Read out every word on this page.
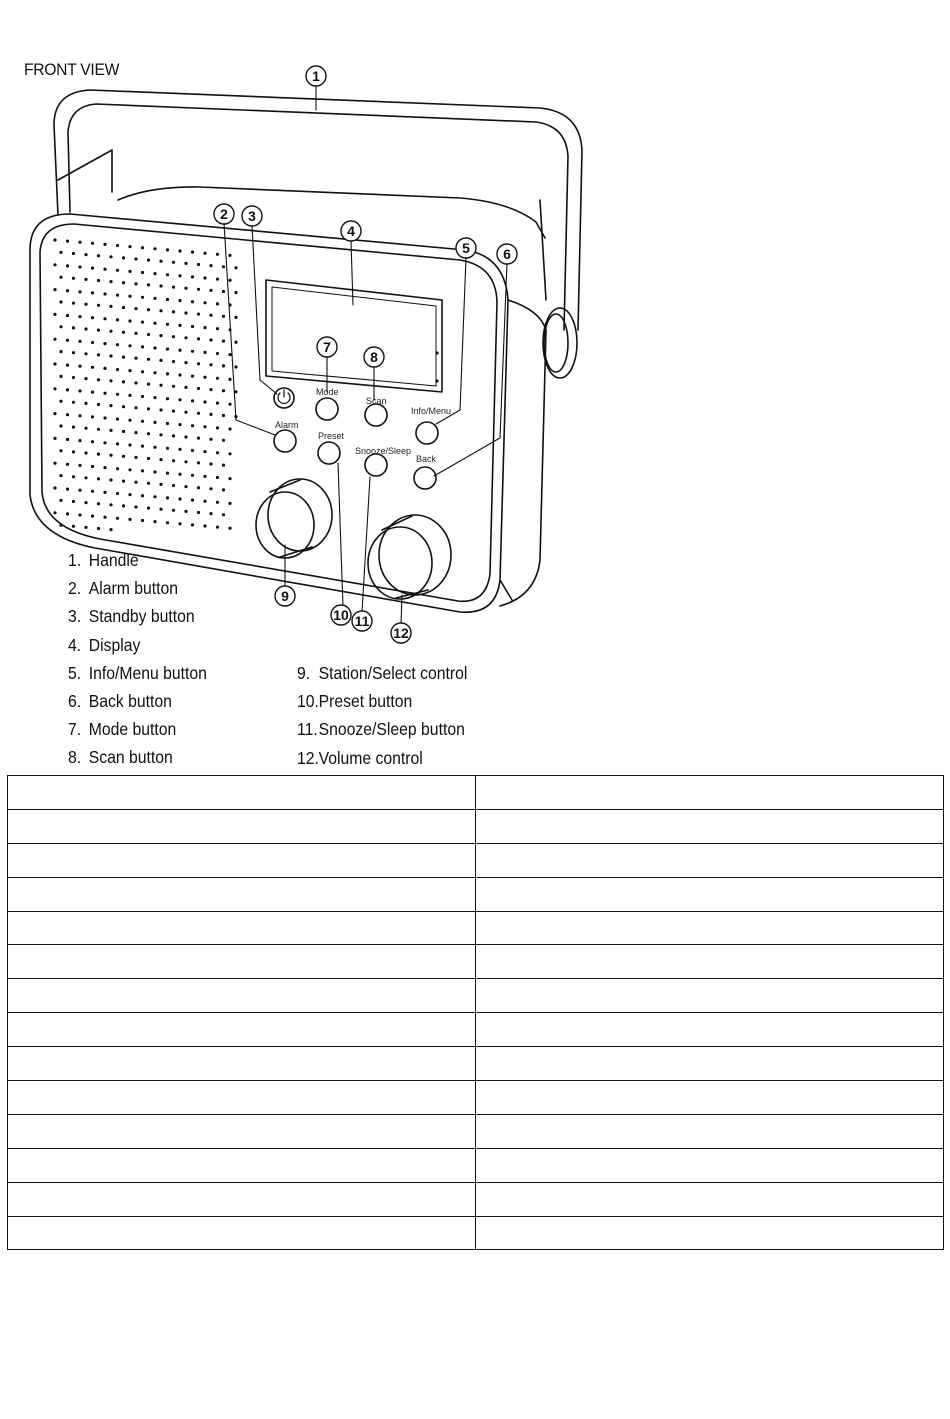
FRONT VIEW
Alarm
Mode
Scan
Info/Menu
Preset
Snooze/Sleep
Back
1
2 3
4
5 6
7
8
9
10 11
12
1. Handle
2. Alarm button
3. Standby button
4. Display
5. Info/Menu button
6. Back button
7. Mode button
8. Scan button
9. Station/Select control
10.Preset button
11.Snooze/Sleep button
12.Volume control
